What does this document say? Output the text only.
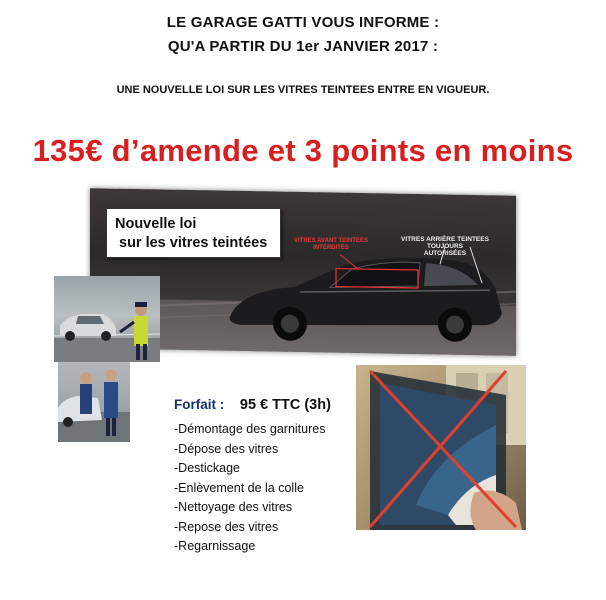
LE GARAGE GATTI VOUS INFORME :
QU'A PARTIR DU 1er JANVIER 2017 :
UNE NOUVELLE LOI SUR LES VITRES TEINTEES ENTRE EN VIGUEUR.
135€ d’amende et 3 points en moins
Nouvelle loi
sur les vitres teintées	VITRES AVANT TEINTEES INTERDITES
VITRES ARRIÈRE TEINTEES
TOUJOURS
AUTORISÉES
Forfait : 95 € TTC (3h)
-Démontage des garnitures
-Dépose des vitres
-Destickage
-Enlèvement de la colle
-Nettoyage des vitres
-Repose des vitres
-Regarnissage
